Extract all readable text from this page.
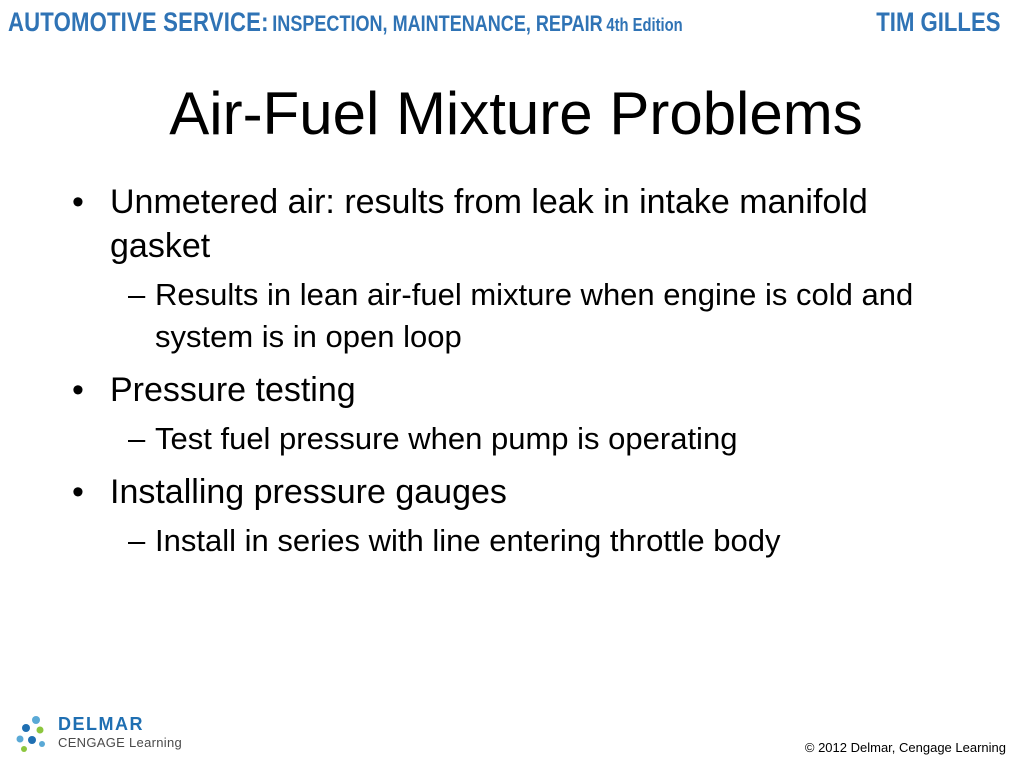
AUTOMOTIVE SERVICE: INSPECTION, MAINTENANCE, REPAIR 4th Edition	TIM GILLES
Air-Fuel Mixture Problems
• Unmetered air: results from leak in intake manifold gasket
– Results in lean air-fuel mixture when engine is cold and system is in open loop
• Pressure testing
– Test fuel pressure when pump is operating
• Installing pressure gauges
– Install in series with line entering throttle body
DELMAR
CENGAGE Learning	© 2012 Delmar, Cengage Learning
